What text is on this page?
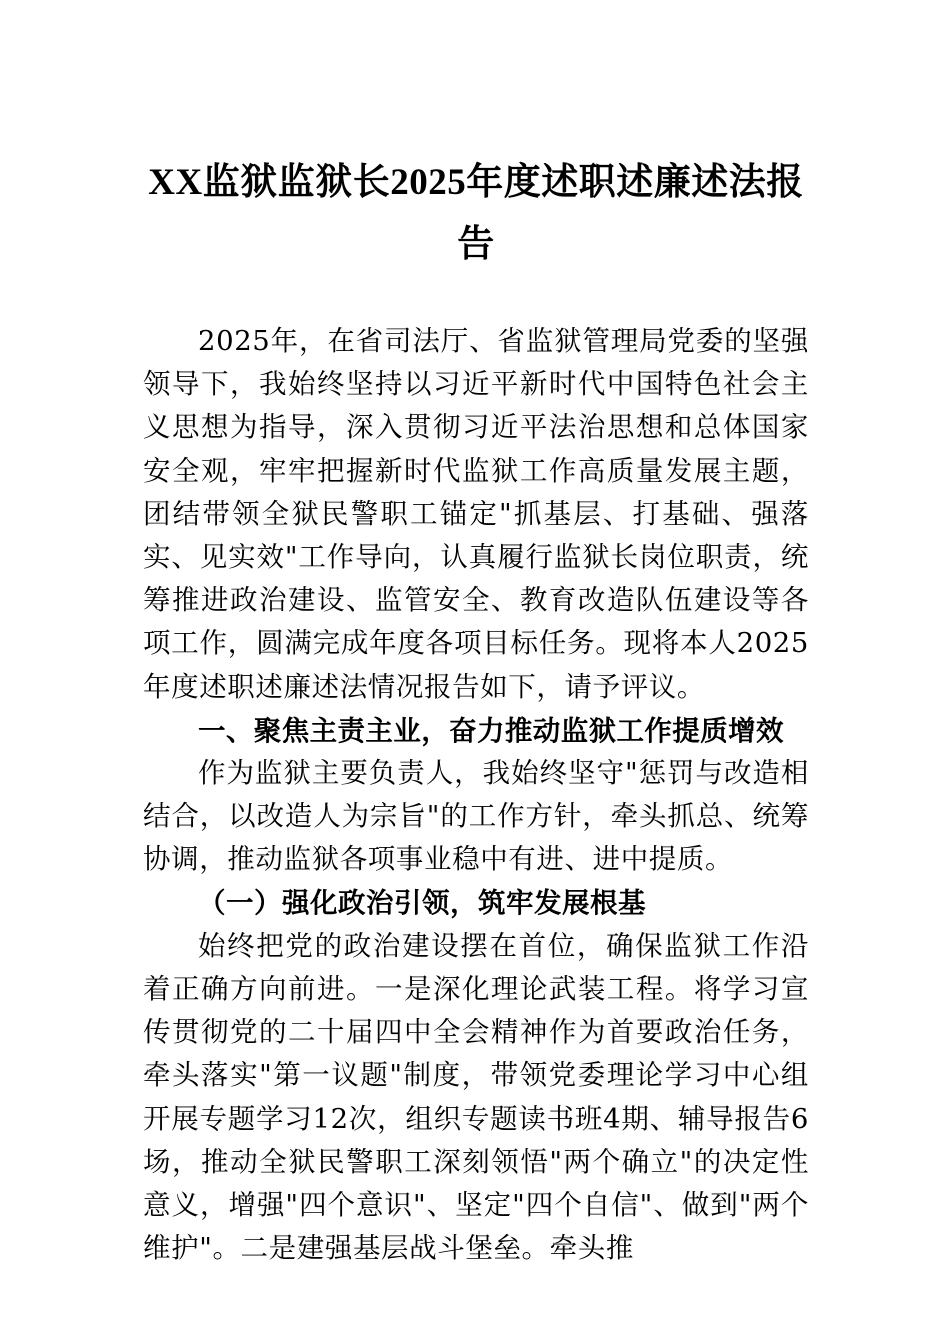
XX监狱监狱长2025年度述职述廉述法报告

2025年，在省司法厅、省监狱管理局党委的坚强领导下，我始终坚持以习近平新时代中国特色社会主义思想为指导，深入贯彻习近平法治思想和总体国家安全观，牢牢把握新时代监狱工作高质量发展主题，团结带领全狱民警职工锚定"抓基层、打基础、强落实、见实效"工作导向，认真履行监狱长岗位职责，统筹推进政治建设、监管安全、教育改造队伍建设等各项工作，圆满完成年度各项目标任务。现将本人2025年度述职述廉述法情况报告如下，请予评议。

一、聚焦主责主业，奋力推动监狱工作提质增效

作为监狱主要负责人，我始终坚守"惩罚与改造相结合，以改造人为宗旨"的工作方针，牵头抓总、统筹协调，推动监狱各项事业稳中有进、进中提质。

（一）强化政治引领，筑牢发展根基

始终把党的政治建设摆在首位，确保监狱工作沿着正确方向前进。一是深化理论武装工程。将学习宣传贯彻党的二十届四中全会精神作为首要政治任务，牵头落实"第一议题"制度，带领党委理论学习中心组开展专题学习12次，组织专题读书班4期、辅导报告6场，推动全狱民警职工深刻领悟"两个确立"的决定性意义，增强"四个意识"、坚定"四个自信"、做到"两个维护"。二是建强基层战斗堡垒。牵头推
